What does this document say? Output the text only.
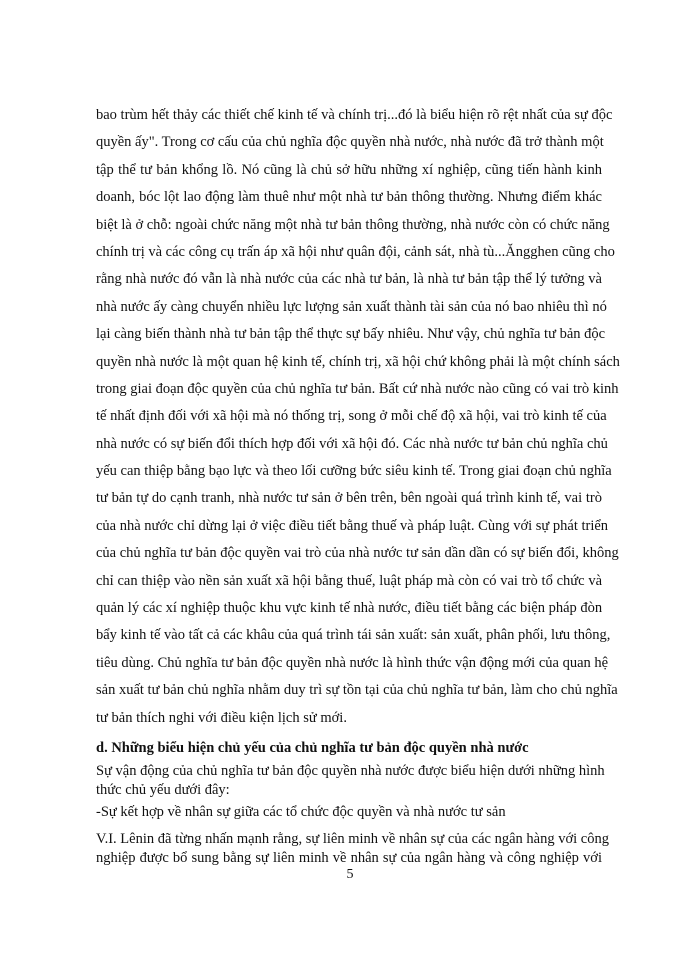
bao trùm hết thảy các thiết chế kinh tế và chính trị...đó là biểu hiện rõ rệt nhất của sự độc
quyền ấy". Trong cơ cấu của chủ nghĩa độc quyền nhà nước, nhà nước đã trở thành một
tập thể tư bản khổng lồ. Nó cũng là chủ sở hữu những xí nghiệp, cũng tiến hành kinh
doanh, bóc lột lao động làm thuê như một nhà tư bản thông thường. Nhưng điểm khác
biệt là ở chỗ: ngoài chức năng một nhà tư bản thông thường, nhà nước còn có chức năng
chính trị và các công cụ trấn áp xã hội như quân đội, cảnh sát, nhà tù...Ăngghen cũng cho
rằng nhà nước đó vẫn là nhà nước của các nhà tư bản, là nhà tư bản tập thể lý tưởng và
nhà nước ấy càng chuyển nhiều lực lượng sản xuất thành tài sản của nó bao nhiêu thì nó
lại càng biến thành nhà tư bản tập thể thực sự bấy nhiêu. Như vậy, chủ nghĩa tư bản độc
quyền nhà nước là một quan hệ kinh tế, chính trị, xã hội chứ không phải là một chính sách
trong giai đoạn độc quyền của chủ nghĩa tư bản. Bất cứ nhà nước nào cũng có vai trò kinh
tế nhất định đối với xã hội mà nó thống trị, song ở mỗi chế độ xã hội, vai trò kinh tế của
nhà nước có sự biến đổi thích hợp đối với xã hội đó. Các nhà nước tư bản chủ nghĩa chủ
yếu can thiệp bằng bạo lực và theo lối cưỡng bức siêu kinh tế. Trong giai đoạn chủ nghĩa
tư bản tự do cạnh tranh, nhà nước tư sản ở bên trên, bên ngoài quá trình kinh tế, vai trò
của nhà nước chỉ dừng lại ở việc điều tiết bằng thuế và pháp luật. Cùng với sự phát triển
của chủ nghĩa tư bản độc quyền vai trò của nhà nước tư sản dần dần có sự biến đổi, không
chỉ can thiệp vào nền sản xuất xã hội bằng thuế, luật pháp mà còn có vai trò tổ chức và
quản lý các xí nghiệp thuộc khu vực kinh tế nhà nước, điều tiết bằng các biện pháp đòn
bẩy kinh tế vào tất cả các khâu của quá trình tái sản xuất: sản xuất, phân phối, lưu thông,
tiêu dùng. Chủ nghĩa tư bản độc quyền nhà nước là hình thức vận động mới của quan hệ
sản xuất tư bản chủ nghĩa nhằm duy trì sự tồn tại của chủ nghĩa tư bản, làm cho chủ nghĩa
tư bản thích nghi với điều kiện lịch sử mới.
d. Những biểu hiện chủ yếu của chủ nghĩa tư bản độc quyền nhà nước
Sự vận động của chủ nghĩa tư bản độc quyền nhà nước được biểu hiện dưới những hình
thức chủ yếu dưới đây:
-Sự kết hợp về nhân sự giữa các tổ chức độc quyền và nhà nước tư sản
V.I. Lênin đã từng nhấn mạnh rằng, sự liên minh về nhân sự của các ngân hàng với công
nghiệp được bổ sung bằng sự liên minh về nhân sự của ngân hàng và công nghiệp với
5
